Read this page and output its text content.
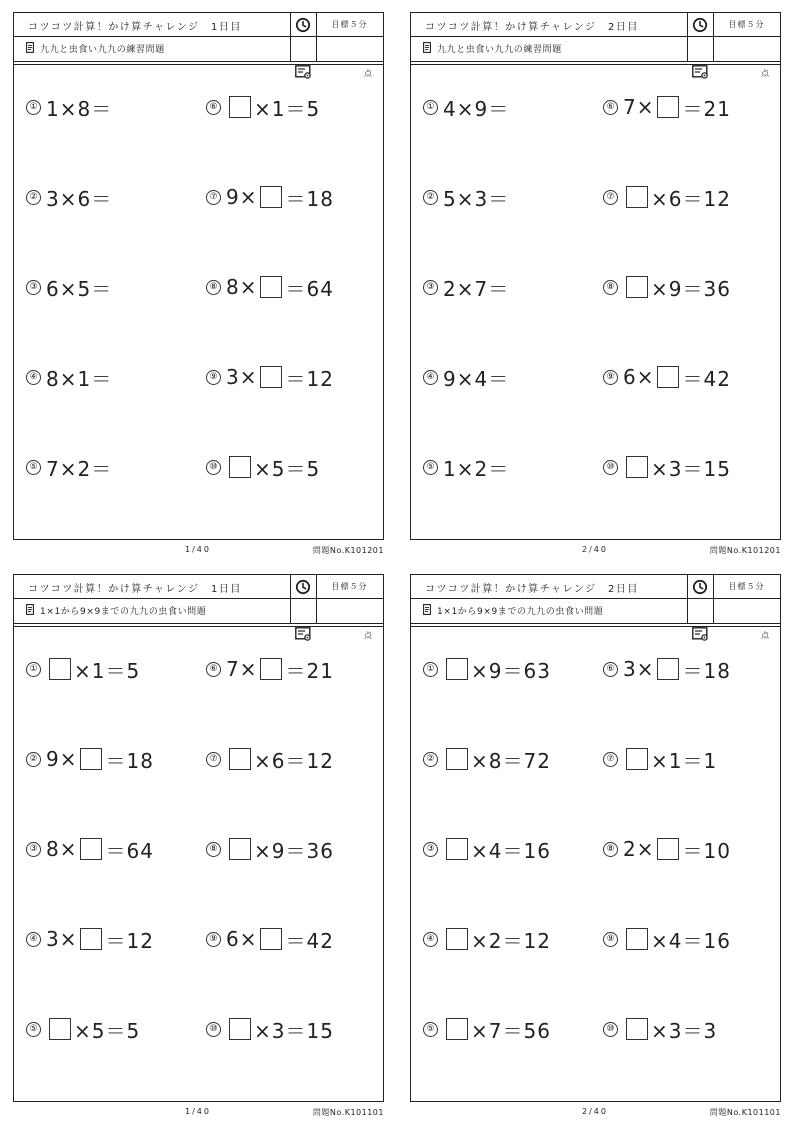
コツコツ計算！かけ算チャレンジ　1日目	目標５分
九九と虫食い九九の練習問題
点
① 1×8＝
② 3×6＝
③ 6×5＝
④ 8×1＝
⑤ 7×2＝
⑥ ×1＝5
⑦ 9× ＝18
⑧ 8× ＝64
⑨ 3× ＝12
⑩ ×5＝5
1/40	問題No.K101201
コツコツ計算！かけ算チャレンジ　2日目	目標５分
九九と虫食い九九の練習問題
点
① 4×9＝
② 5×3＝
③ 2×7＝
④ 9×4＝
⑤ 1×2＝
⑥ 7× ＝21
⑦ ×6＝12
⑧ ×9＝36
⑨ 6× ＝42
⑩ ×3＝15
2/40	問題No.K101201
コツコツ計算！かけ算チャレンジ　1日目	目標５分
1×1から9×9までの九九の虫食い問題
点
① ×1＝5
② 9× ＝18
③ 8× ＝64
④ 3× ＝12
⑤ ×5＝5
⑥ 7× ＝21
⑦ ×6＝12
⑧ ×9＝36
⑨ 6× ＝42
⑩ ×3＝15
1/40	問題No.K101101
コツコツ計算！かけ算チャレンジ　2日目	目標５分
1×1から9×9までの九九の虫食い問題
点
① ×9＝63
② ×8＝72
③ ×4＝16
④ ×2＝12
⑤ ×7＝56
⑥ 3× ＝18
⑦ ×1＝1
⑧ 2× ＝10
⑨ ×4＝16
⑩ ×3＝3
2/40	問題No.K101101
